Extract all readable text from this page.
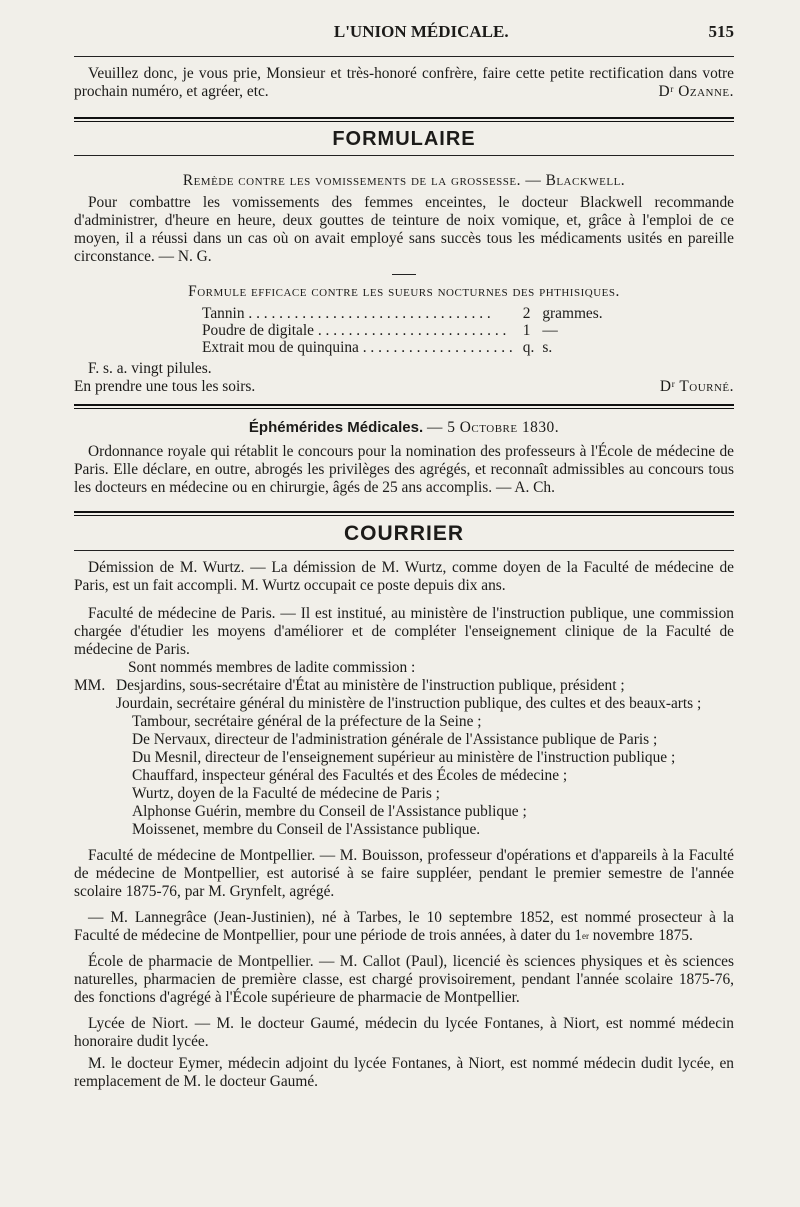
L'UNION MÉDICALE.	515

Veuillez donc, je vous prie, Monsieur et très-honoré confrère, faire cette petite rectification dans votre prochain numéro, et agréer, etc.	Dʳ Ozanne.

FORMULAIRE

Remède contre les vomissements de la grossesse. — Blackwell.

Pour combattre les vomissements des femmes enceintes, le docteur Blackwell recommande d'administrer, d'heure en heure, deux gouttes de teinture de noix vomique, et, grâce à l'emploi de ce moyen, il a réussi dans un cas où on avait employé sans succès tous les médicaments usités en pareille circonstance. — N. G.

Formule efficace contre les sueurs nocturnes des phthisiques.

Tannin . . . . . . . . . . . . . . . . . . . . . . . . . . . . . . . .	2	grammes.
Poudre de digitale . . . . . . . . . . . . . . . . . . . . . . . . .	1	—
Extrait mou de quinquina . . . . . . . . . . . . . . . . . . . .	q.	s.

F. s. a. vingt pilules.

En prendre une tous les soirs.	Dʳ Tourné.

Éphémérides Médicales. — 5 Octobre 1830.

Ordonnance royale qui rétablit le concours pour la nomination des professeurs à l'École de médecine de Paris. Elle déclare, en outre, abrogés les privilèges des agrégés, et reconnaît admissibles au concours tous les docteurs en médecine ou en chirurgie, âgés de 25 ans accomplis. — A. Ch.

COURRIER

Démission de M. Wurtz. — La démission de M. Wurtz, comme doyen de la Faculté de médecine de Paris, est un fait accompli. M. Wurtz occupait ce poste depuis dix ans.

Faculté de médecine de Paris. — Il est institué, au ministère de l'instruction publique, une commission chargée d'étudier les moyens d'améliorer et de compléter l'enseignement clinique de la Faculté de médecine de Paris.

Sont nommés membres de ladite commission :

MM. Desjardins, sous-secrétaire d'État au ministère de l'instruction publique, président ;

Jourdain, secrétaire général du ministère de l'instruction publique, des cultes et des beaux-arts ;

Tambour, secrétaire général de la préfecture de la Seine ;

De Nervaux, directeur de l'administration générale de l'Assistance publique de Paris ;

Du Mesnil, directeur de l'enseignement supérieur au ministère de l'instruction publique ;

Chauffard, inspecteur général des Facultés et des Écoles de médecine ;

Wurtz, doyen de la Faculté de médecine de Paris ;

Alphonse Guérin, membre du Conseil de l'Assistance publique ;

Moissenet, membre du Conseil de l'Assistance publique.

Faculté de médecine de Montpellier. — M. Bouisson, professeur d'opérations et d'appareils à la Faculté de médecine de Montpellier, est autorisé à se faire suppléer, pendant le premier semestre de l'année scolaire 1875-76, par M. Grynfelt, agrégé.

— M. Lannegrâce (Jean-Justinien), né à Tarbes, le 10 septembre 1852, est nommé prosecteur à la Faculté de médecine de Montpellier, pour une période de trois années, à dater du 1er novembre 1875.

École de pharmacie de Montpellier. — M. Callot (Paul), licencié ès sciences physiques et ès sciences naturelles, pharmacien de première classe, est chargé provisoirement, pendant l'année scolaire 1875-76, des fonctions d'agrégé à l'École supérieure de pharmacie de Montpellier.

Lycée de Niort. — M. le docteur Gaumé, médecin du lycée Fontanes, à Niort, est nommé médecin honoraire dudit lycée.

M. le docteur Eymer, médecin adjoint du lycée Fontanes, à Niort, est nommé médecin dudit lycée, en remplacement de M. le docteur Gaumé.
